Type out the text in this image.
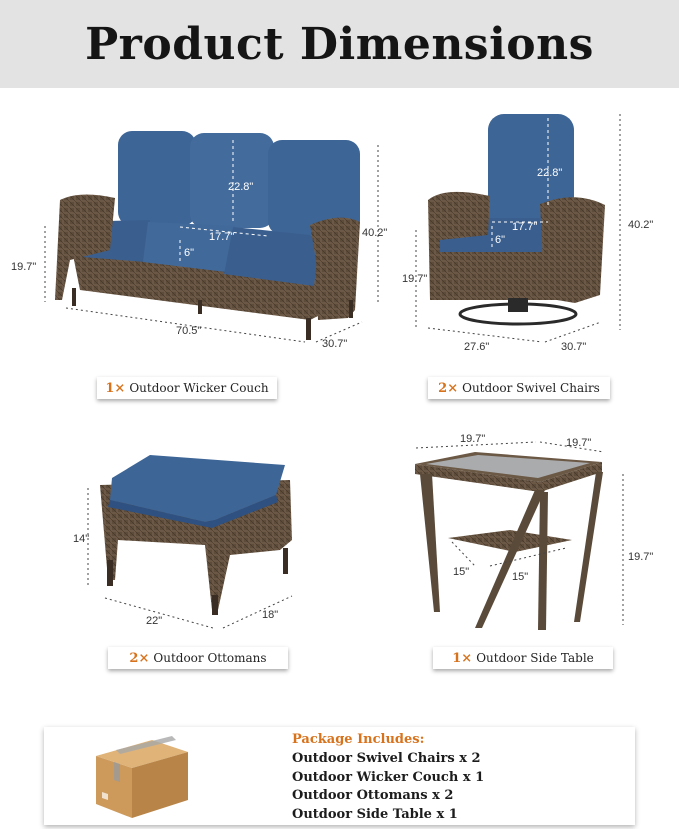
Product Dimensions
22.8"
17.7"
6"
40.2"
19.7"
70.5"
30.7"
22.8"
17.7"
6"
40.2"
19.7"
27.6"	30.7"
14"
22"	18"
19.7"	19.7"
19.7"
15"	15"
1× Outdoor Wicker Couch	2× Outdoor Swivel Chairs
2× Outdoor Ottomans	1× Outdoor Side Table
Package Includes:
Outdoor Swivel Chairs x 2
Outdoor Wicker Couch x 1
Outdoor Ottomans x 2
Outdoor Side Table x 1
